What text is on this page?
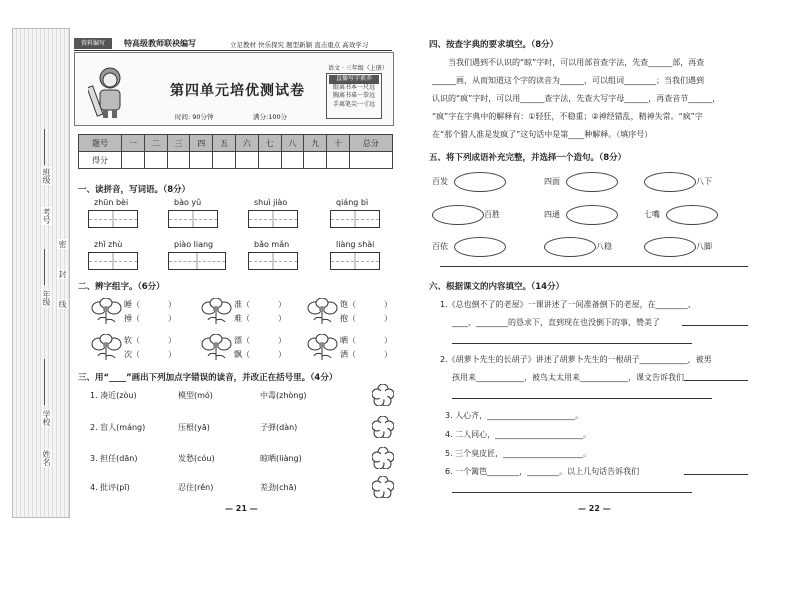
班级
考号
年级
学校
姓名
密
封
线
资料编写	特高级教师联袂编写	立足教材 快乐探究 题型新颖 直击重点 高效学习
第四单元培优测试卷
时间: 90分钟	满分:100分
语文 · 三年级（上册）
直播写字素养
眼离书本一尺远
胸离书桌一拳远
手离笔尖一寸远
题号	一	二	三	四	五	六	七	八	九	十	总分
得分											
一、读拼音，写词语。（8分）
zhūn bèi	bào yǔ	shuì jiào	qiáng bì
zhǐ zhù	piào liang	bǎo mǎn	liàng shài
二、辨字组字。（6分）
睡（	）
捶（	）
准（	）
难（	）
饱（	）
抱（	）
软（	）
次（	）
漂（	）
飘（	）
晒（	）
洒（	）
三、用“____”画出下列加点字错误的读音，并改正在括号里。（4分）
1. 凑近(zòu)	模型(mó)	中毒(zhòng)
2. 盲人(máng)	压根(yā)	子弹(dàn)
3. 担任(dān)	发愁(cóu)	晾晒(liàng)
4. 批评(pī)	忍住(rěn)	差劲(chā)
— 21 —
四、按查字典的要求填空。（8分）
当我们遇到不认识的“晾”字时，可以用部首查字法，先查______部，再查
______画，从而知道这个字的读音为______，可以组词________；当我们遇到
认识的“疯”字时，可以用______查字法，先查大写字母______，再查音节______，
“疯”字在字典中的解释有：①轻狂，不稳重；②神经错乱，精神失常。“疯”字
在“那个猎人准是发疯了”这句话中是第____种解释。（填序号）
五、将下列成语补充完整，并选择一个造句。（8分）
百发	四面	八下
百胜	四通	七嘴
百依	八稳	八脚
六、根据课文的内容填空。（14分）
1.《总也倒不了的老屋》一课讲述了一间准备倒下的老屋，在________、
____、________的恳求下，直到现在也没倒下的事，赞美了
2.《胡萝卜先生的长胡子》讲述了胡萝卜先生的一根胡子____________，被男
孩用来____________，被鸟太太用来____________，课文告诉我们
3. 人心齐，______________________。
4. 二人同心，______________________。
5. 三个臭皮匠，____________________。
6. 一个篱笆________，________。以上几句话告诉我们
— 22 —
